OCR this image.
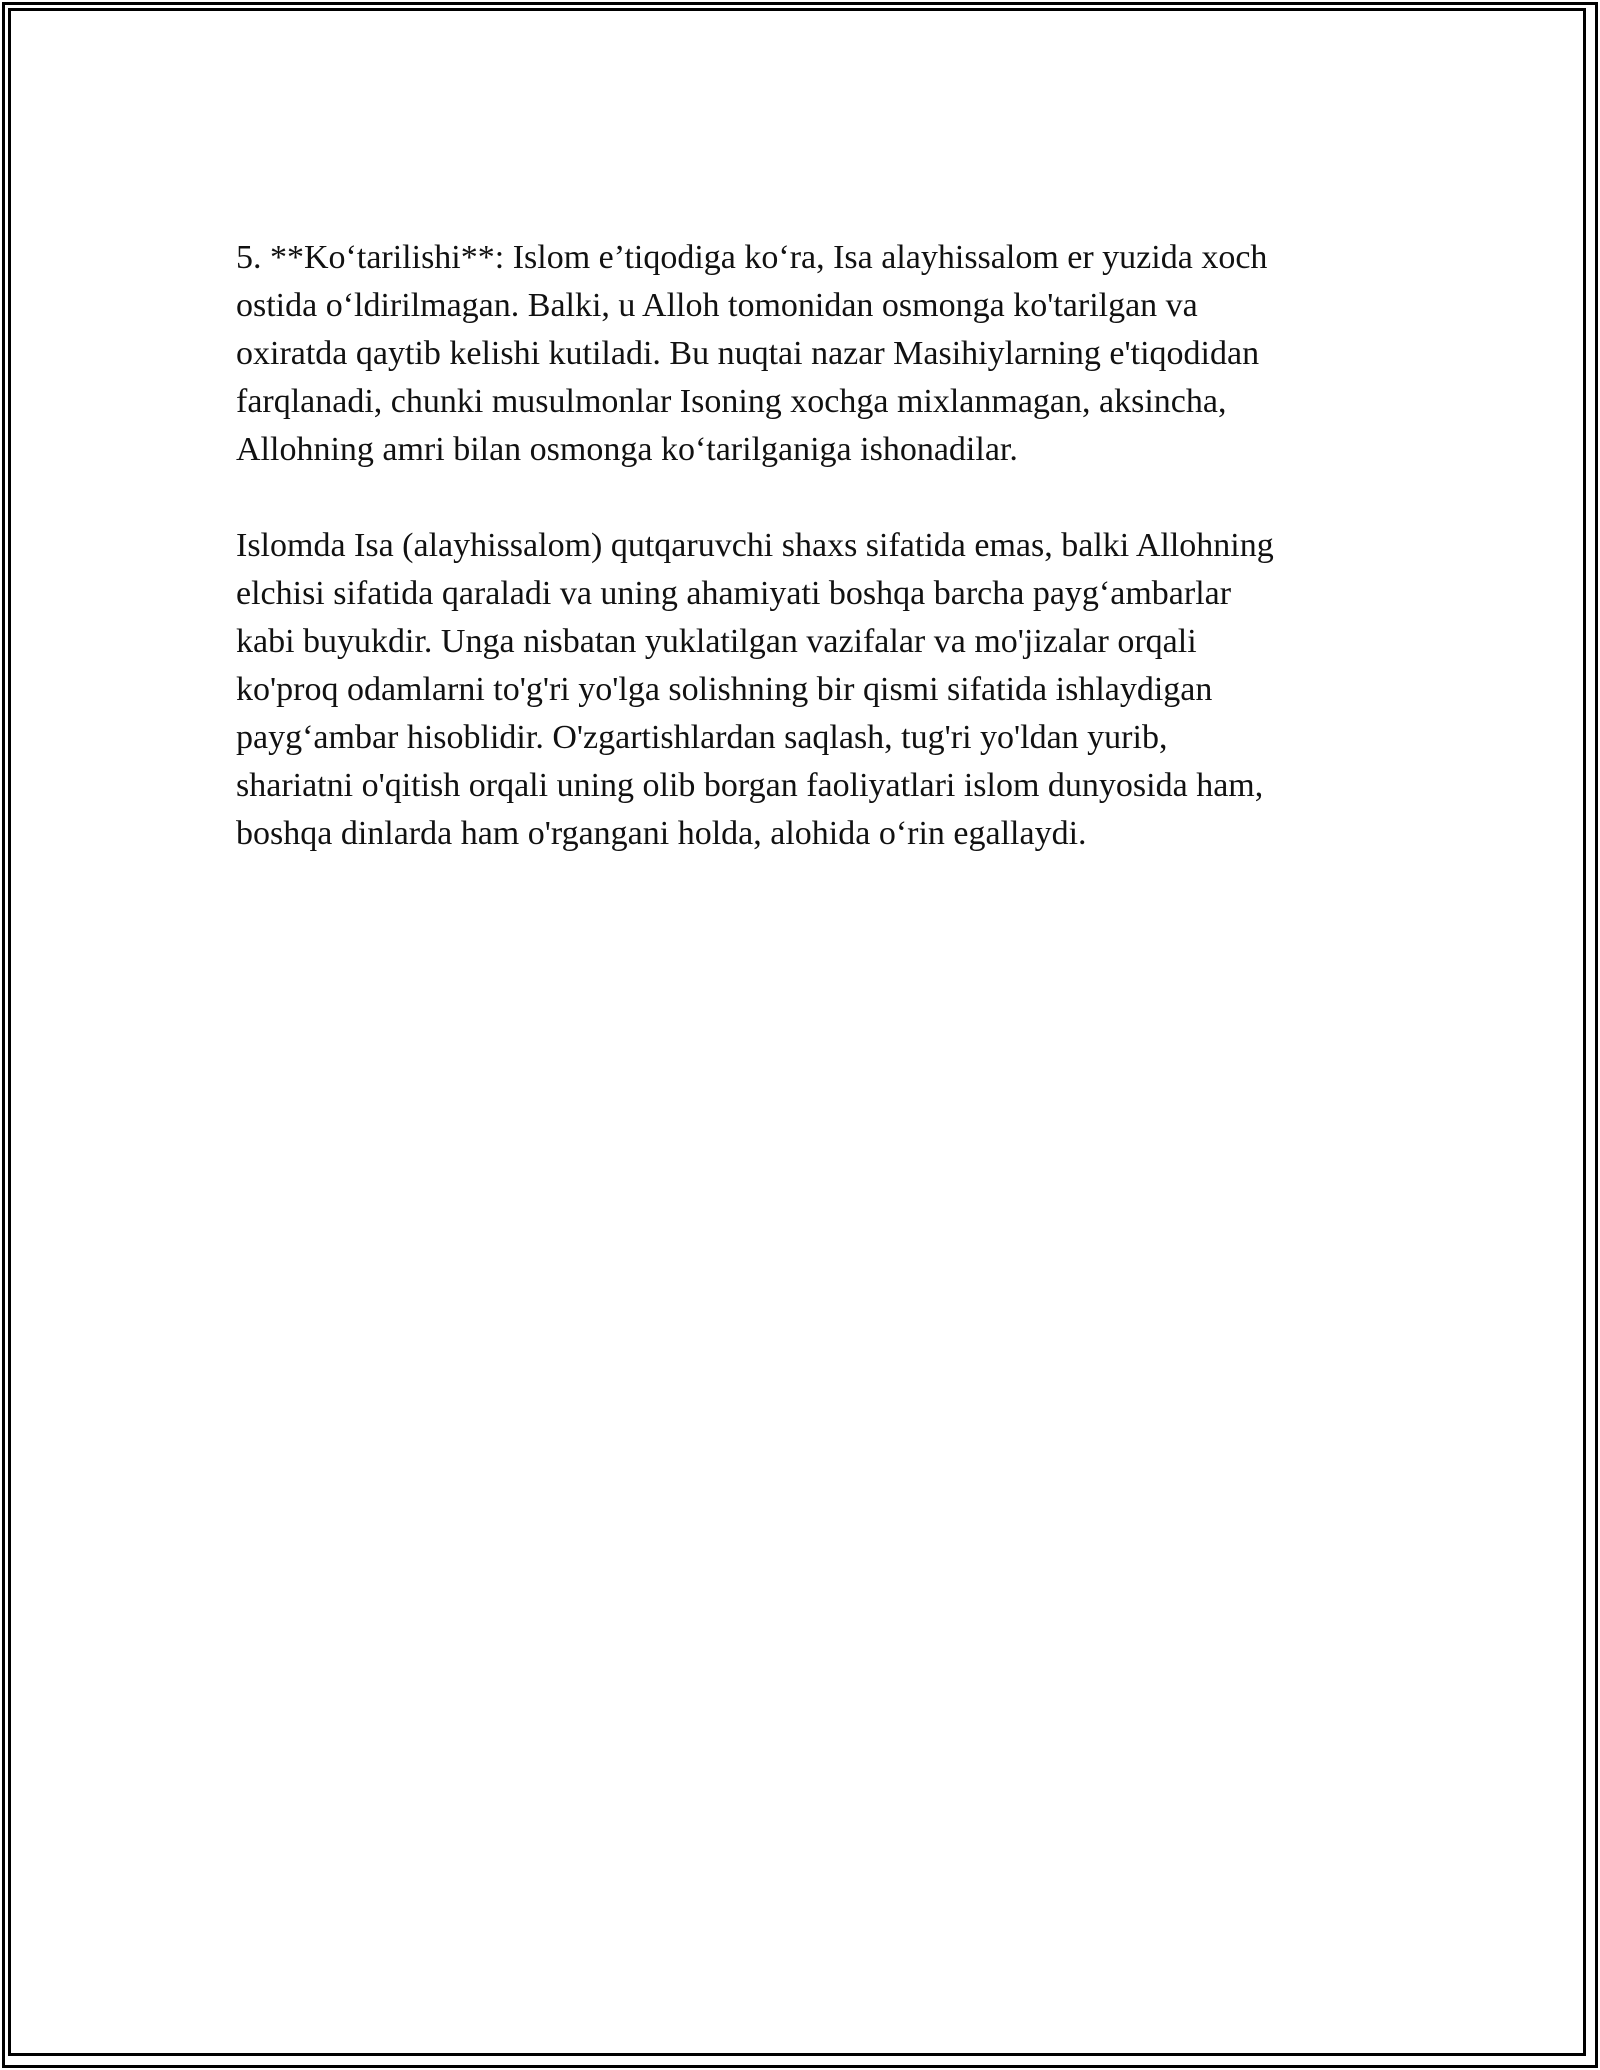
5. **Ko‘tarilishi**: Islom e’tiqodiga ko‘ra, Isa alayhissalom er yuzida xoch
ostida o‘ldirilmagan. Balki, u Alloh tomonidan osmonga ko'tarilgan va
oxiratda qaytib kelishi kutiladi. Bu nuqtai nazar Masihiylarning e'tiqodidan
farqlanadi, chunki musulmonlar Isoning xochga mixlanmagan, aksincha,
Allohning amri bilan osmonga ko‘tarilganiga ishonadilar.

Islomda Isa (alayhissalom) qutqaruvchi shaxs sifatida emas, balki Allohning
elchisi sifatida qaraladi va uning ahamiyati boshqa barcha payg‘ambarlar
kabi buyukdir. Unga nisbatan yuklatilgan vazifalar va mo'jizalar orqali
ko'proq odamlarni to'g'ri yo'lga solishning bir qismi sifatida ishlaydigan
payg‘ambar hisoblidir. O'zgartishlardan saqlash, tug'ri yo'ldan yurib,
shariatni o'qitish orqali uning olib borgan faoliyatlari islom dunyosida ham,
boshqa dinlarda ham o'rgangani holda, alohida o‘rin egallaydi.
